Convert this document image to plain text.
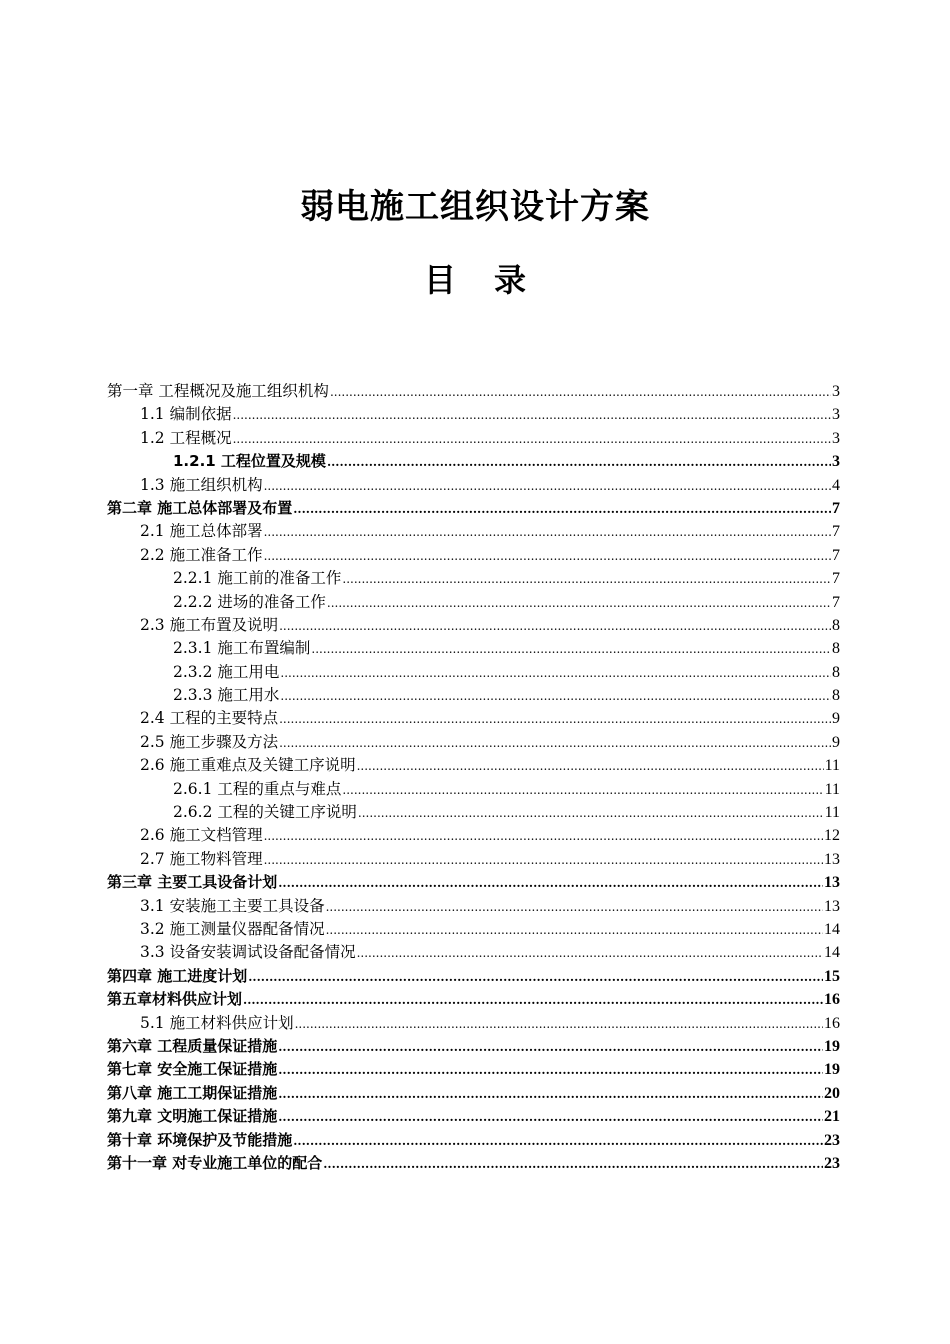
弱电施工组织设计方案
目 录
第一章 工程概况及施工组织机构 .....	3
1.1 编制依据 .....	3
1.2 工程概况 .....	3
1.2.1 工程位置及规模 .....	3
1.3 施工组织机构 .....	4
第二章 施工总体部署及布置 .....	7
2.1 施工总体部署 .....	7
2.2 施工准备工作 .....	7
2.2.1 施工前的准备工作 .....	7
2.2.2 进场的准备工作 .....	7
2.3 施工布置及说明 .....	8
2.3.1 施工布置编制 .....	8
2.3.2 施工用电 .....	8
2.3.3 施工用水 .....	8
2.4 工程的主要特点 .....	9
2.5 施工步骤及方法 .....	9
2.6 施工重难点及关键工序说明 .....	11
2.6.1 工程的重点与难点 .....	11
2.6.2 工程的关键工序说明 .....	11
2.6 施工文档管理 .....	12
2.7 施工物料管理 .....	13
第三章 主要工具设备计划 .....	13
3.1 安装施工主要工具设备 .....	13
3.2 施工测量仪器配备情况 .....	14
3.3 设备安装调试设备配备情况 .....	14
第四章 施工进度计划 .....	15
第五章材料供应计划 .....	16
5.1 施工材料供应计划 .....	16
第六章 工程质量保证措施 .....	19
第七章 安全施工保证措施 .....	19
第八章 施工工期保证措施 .....	20
第九章 文明施工保证措施 .....	21
第十章 环境保护及节能措施 .....	23
第十一章 对专业施工单位的配合 .....	23
